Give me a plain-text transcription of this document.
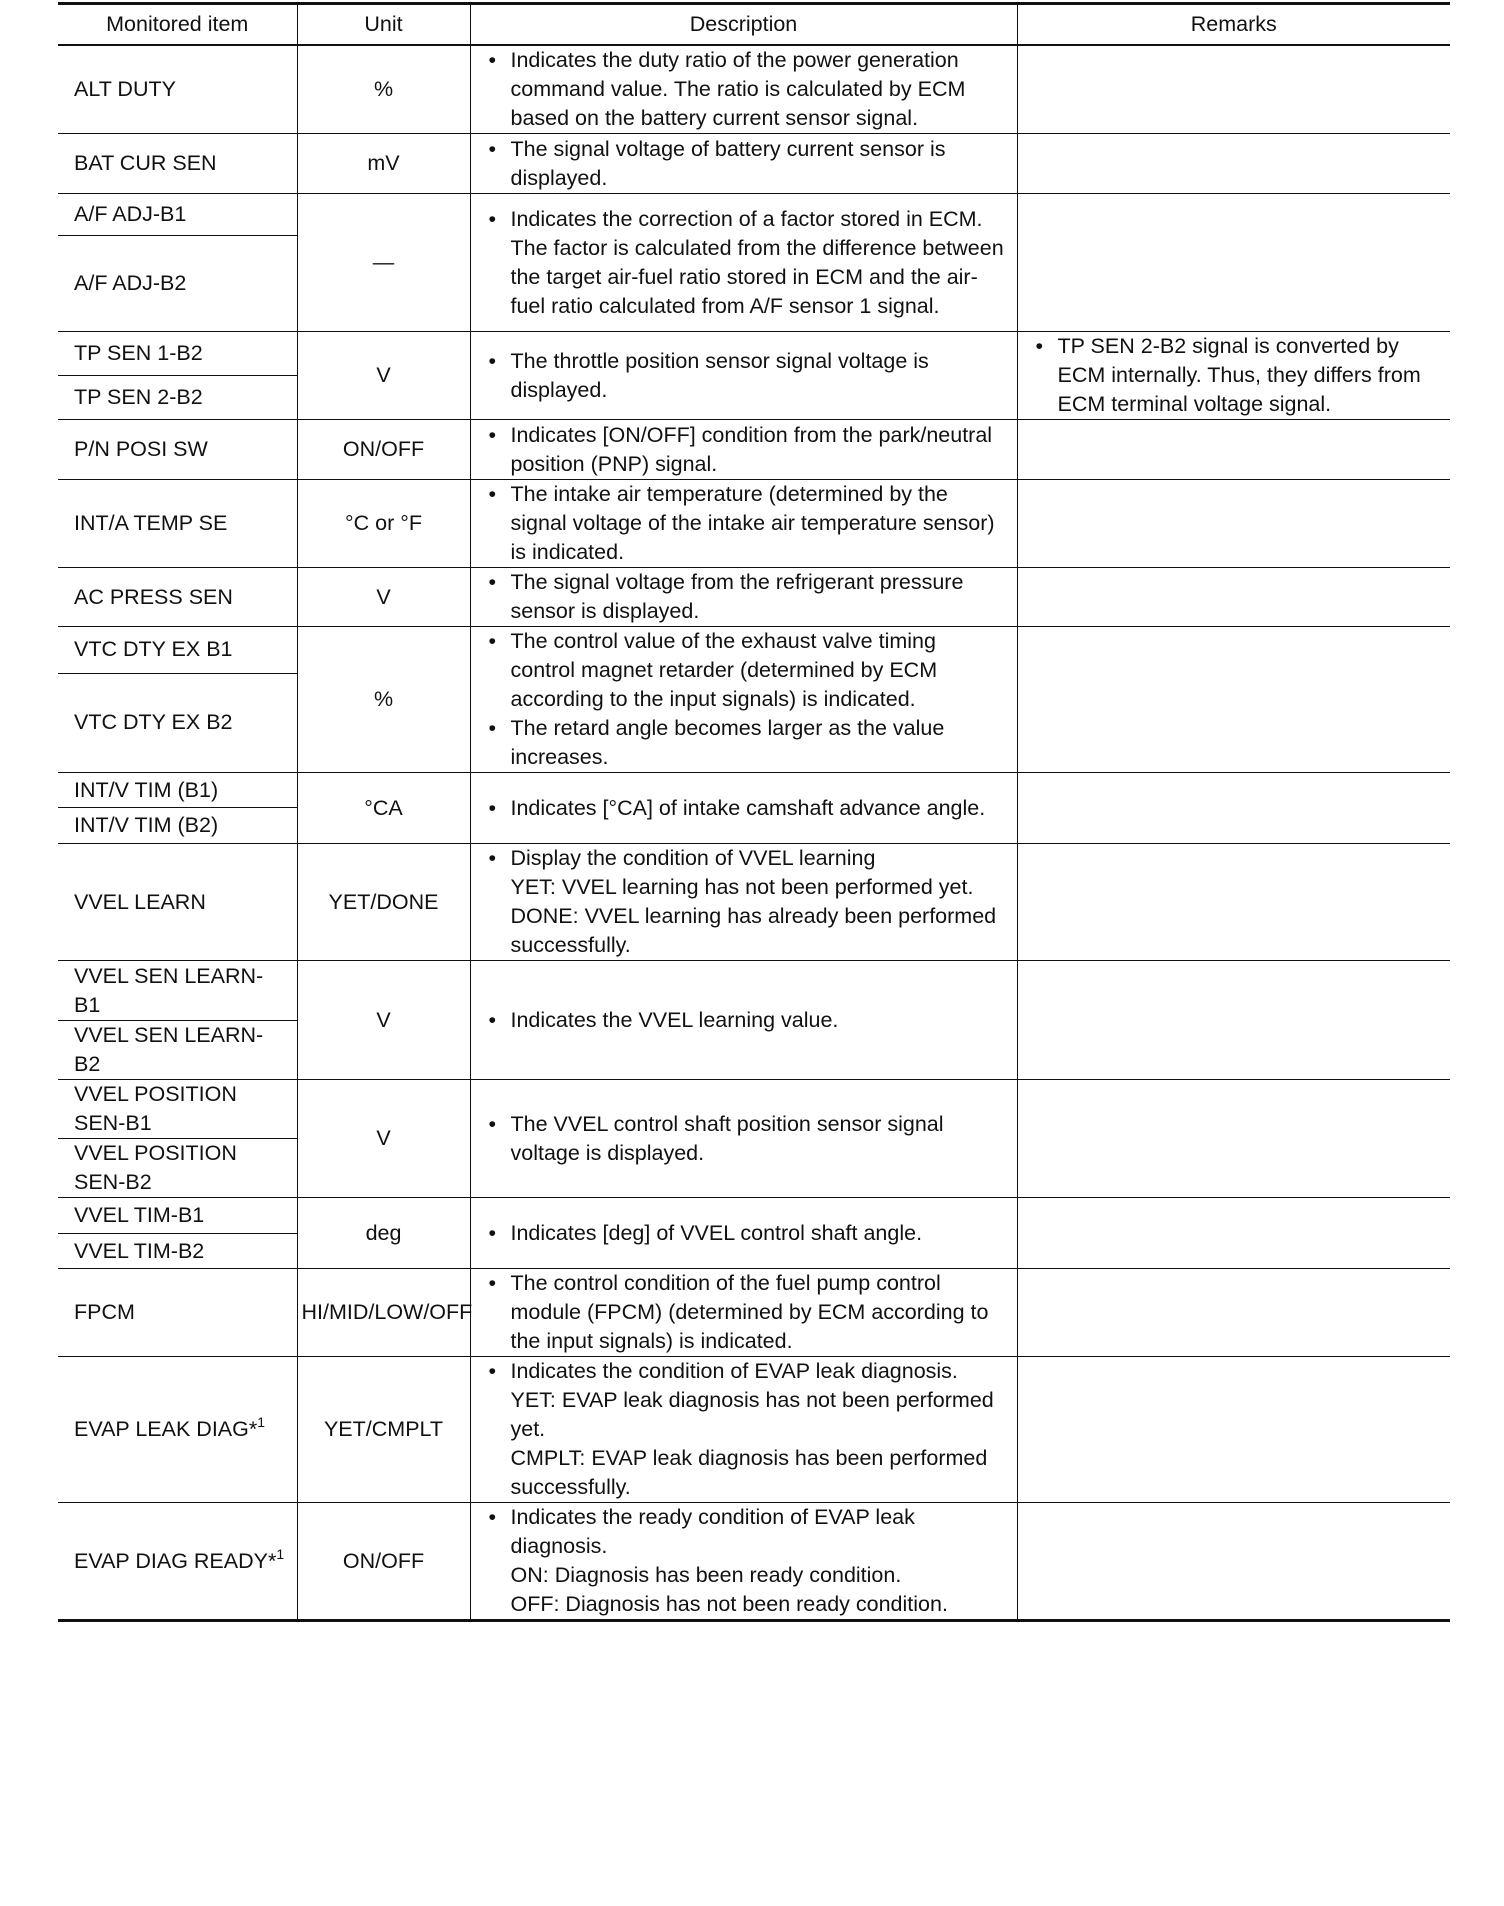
Monitored item	Unit	Description	Remarks
ALT DUTY	%	• Indicates the duty ratio of the power generation command value. The ratio is calculated by ECM based on the battery current sensor signal.

BAT CUR SEN	mV	• The signal voltage of battery current sensor is displayed.

A/F ADJ-B1	—	• Indicates the correction of a factor stored in ECM. The factor is calculated from the difference between the target air-fuel ratio stored in ECM and the air-fuel ratio calculated from A/F sensor 1 signal.

A/F ADJ-B2			
TP SEN 1-B2	V	• The throttle position sensor signal voltage is displayed.	• TP SEN 2-B2 signal is converted by ECM internally. Thus, they differs from ECM terminal voltage signal.

TP SEN 2-B2			
P/N POSI SW	ON/OFF	• Indicates [ON/OFF] condition from the park/neutral position (PNP) signal.

INT/A TEMP SE	°C or °F	• The intake air temperature (determined by the signal voltage of the intake air temperature sensor) is indicated.

AC PRESS SEN	V	• The signal voltage from the refrigerant pressure sensor is displayed.

VTC DTY EX B1	%	• The control value of the exhaust valve timing control magnet retarder (determined by ECM according to the input signals) is indicated.
• The retard angle becomes larger as the value increases.

VTC DTY EX B2			
INT/V TIM (B1)	°CA	• Indicates [°CA] of intake camshaft advance angle.

INT/V TIM (B2)			
VVEL LEARN	YET/DONE	• Display the condition of VVEL learning
YET: VVEL learning has not been performed yet.
DONE: VVEL learning has already been performed successfully.

VVEL SEN LEARN-B1	V	• Indicates the VVEL learning value.

VVEL SEN LEARN-B2			
VVEL POSITION SEN-B1	V	• The VVEL control shaft position sensor signal voltage is displayed.

VVEL POSITION SEN-B2			
VVEL TIM-B1	deg	• Indicates [deg] of VVEL control shaft angle.

VVEL TIM-B2			
FPCM	HI/MID/LOW/OFF	• The control condition of the fuel pump control module (FPCM) (determined by ECM according to the input signals) is indicated.

EVAP LEAK DIAG*$^1$	YET/CMPLT	• Indicates the condition of EVAP leak diagnosis.
YET: EVAP leak diagnosis has not been performed yet.
CMPLT: EVAP leak diagnosis has been performed successfully.

EVAP DIAG READY*$^1$	ON/OFF	• Indicates the ready condition of EVAP leak diagnosis.
ON: Diagnosis has been ready condition.
OFF: Diagnosis has not been ready condition.
